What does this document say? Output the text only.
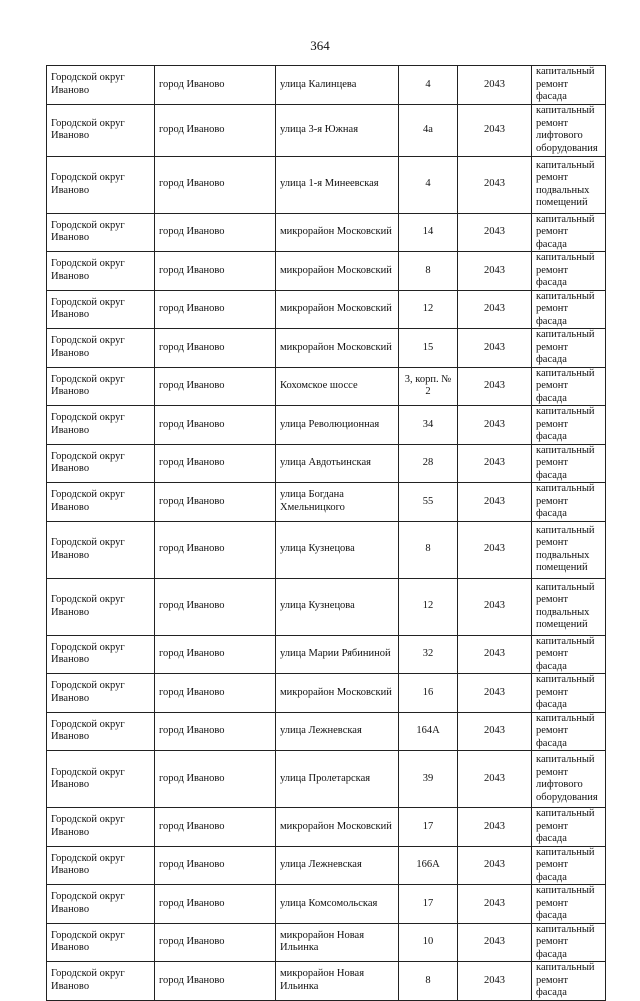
364
Городской округ Иваново	город Иваново	улица Калинцева	4	2043	капитальный ремонт фасада
Городской округ Иваново	город Иваново	улица 3-я Южная	4а	2043	капитальный ремонт лифтового оборудования
Городской округ Иваново	город Иваново	улица 1-я Минеевская	4	2043	капитальный ремонт подвальных помещений
Городской округ Иваново	город Иваново	микрорайон Московский	14	2043	капитальный ремонт фасада
Городской округ Иваново	город Иваново	микрорайон Московский	8	2043	капитальный ремонт фасада
Городской округ Иваново	город Иваново	микрорайон Московский	12	2043	капитальный ремонт фасада
Городской округ Иваново	город Иваново	микрорайон Московский	15	2043	капитальный ремонт фасада
Городской округ Иваново	город Иваново	Кохомское шоссе	3, корп. № 2	2043	капитальный ремонт фасада
Городской округ Иваново	город Иваново	улица Революционная	34	2043	капитальный ремонт фасада
Городской округ Иваново	город Иваново	улица Авдотьинская	28	2043	капитальный ремонт фасада
Городской округ Иваново	город Иваново	улица Богдана Хмельницкого	55	2043	капитальный ремонт фасада
Городской округ Иваново	город Иваново	улица Кузнецова	8	2043	капитальный ремонт подвальных помещений
Городской округ Иваново	город Иваново	улица Кузнецова	12	2043	капитальный ремонт подвальных помещений
Городской округ Иваново	город Иваново	улица Марии Рябининой	32	2043	капитальный ремонт фасада
Городской округ Иваново	город Иваново	микрорайон Московский	16	2043	капитальный ремонт фасада
Городской округ Иваново	город Иваново	улица Лежневская	164А	2043	капитальный ремонт фасада
Городской округ Иваново	город Иваново	улица Пролетарская	39	2043	капитальный ремонт лифтового оборудования
Городской округ Иваново	город Иваново	микрорайон Московский	17	2043	капитальный ремонт фасада
Городской округ Иваново	город Иваново	улица Лежневская	166А	2043	капитальный ремонт фасада
Городской округ Иваново	город Иваново	улица Комсомольская	17	2043	капитальный ремонт фасада
Городской округ Иваново	город Иваново	микрорайон Новая Ильинка	10	2043	капитальный ремонт фасада
Городской округ Иваново	город Иваново	микрорайон Новая Ильинка	8	2043	капитальный ремонт фасада
